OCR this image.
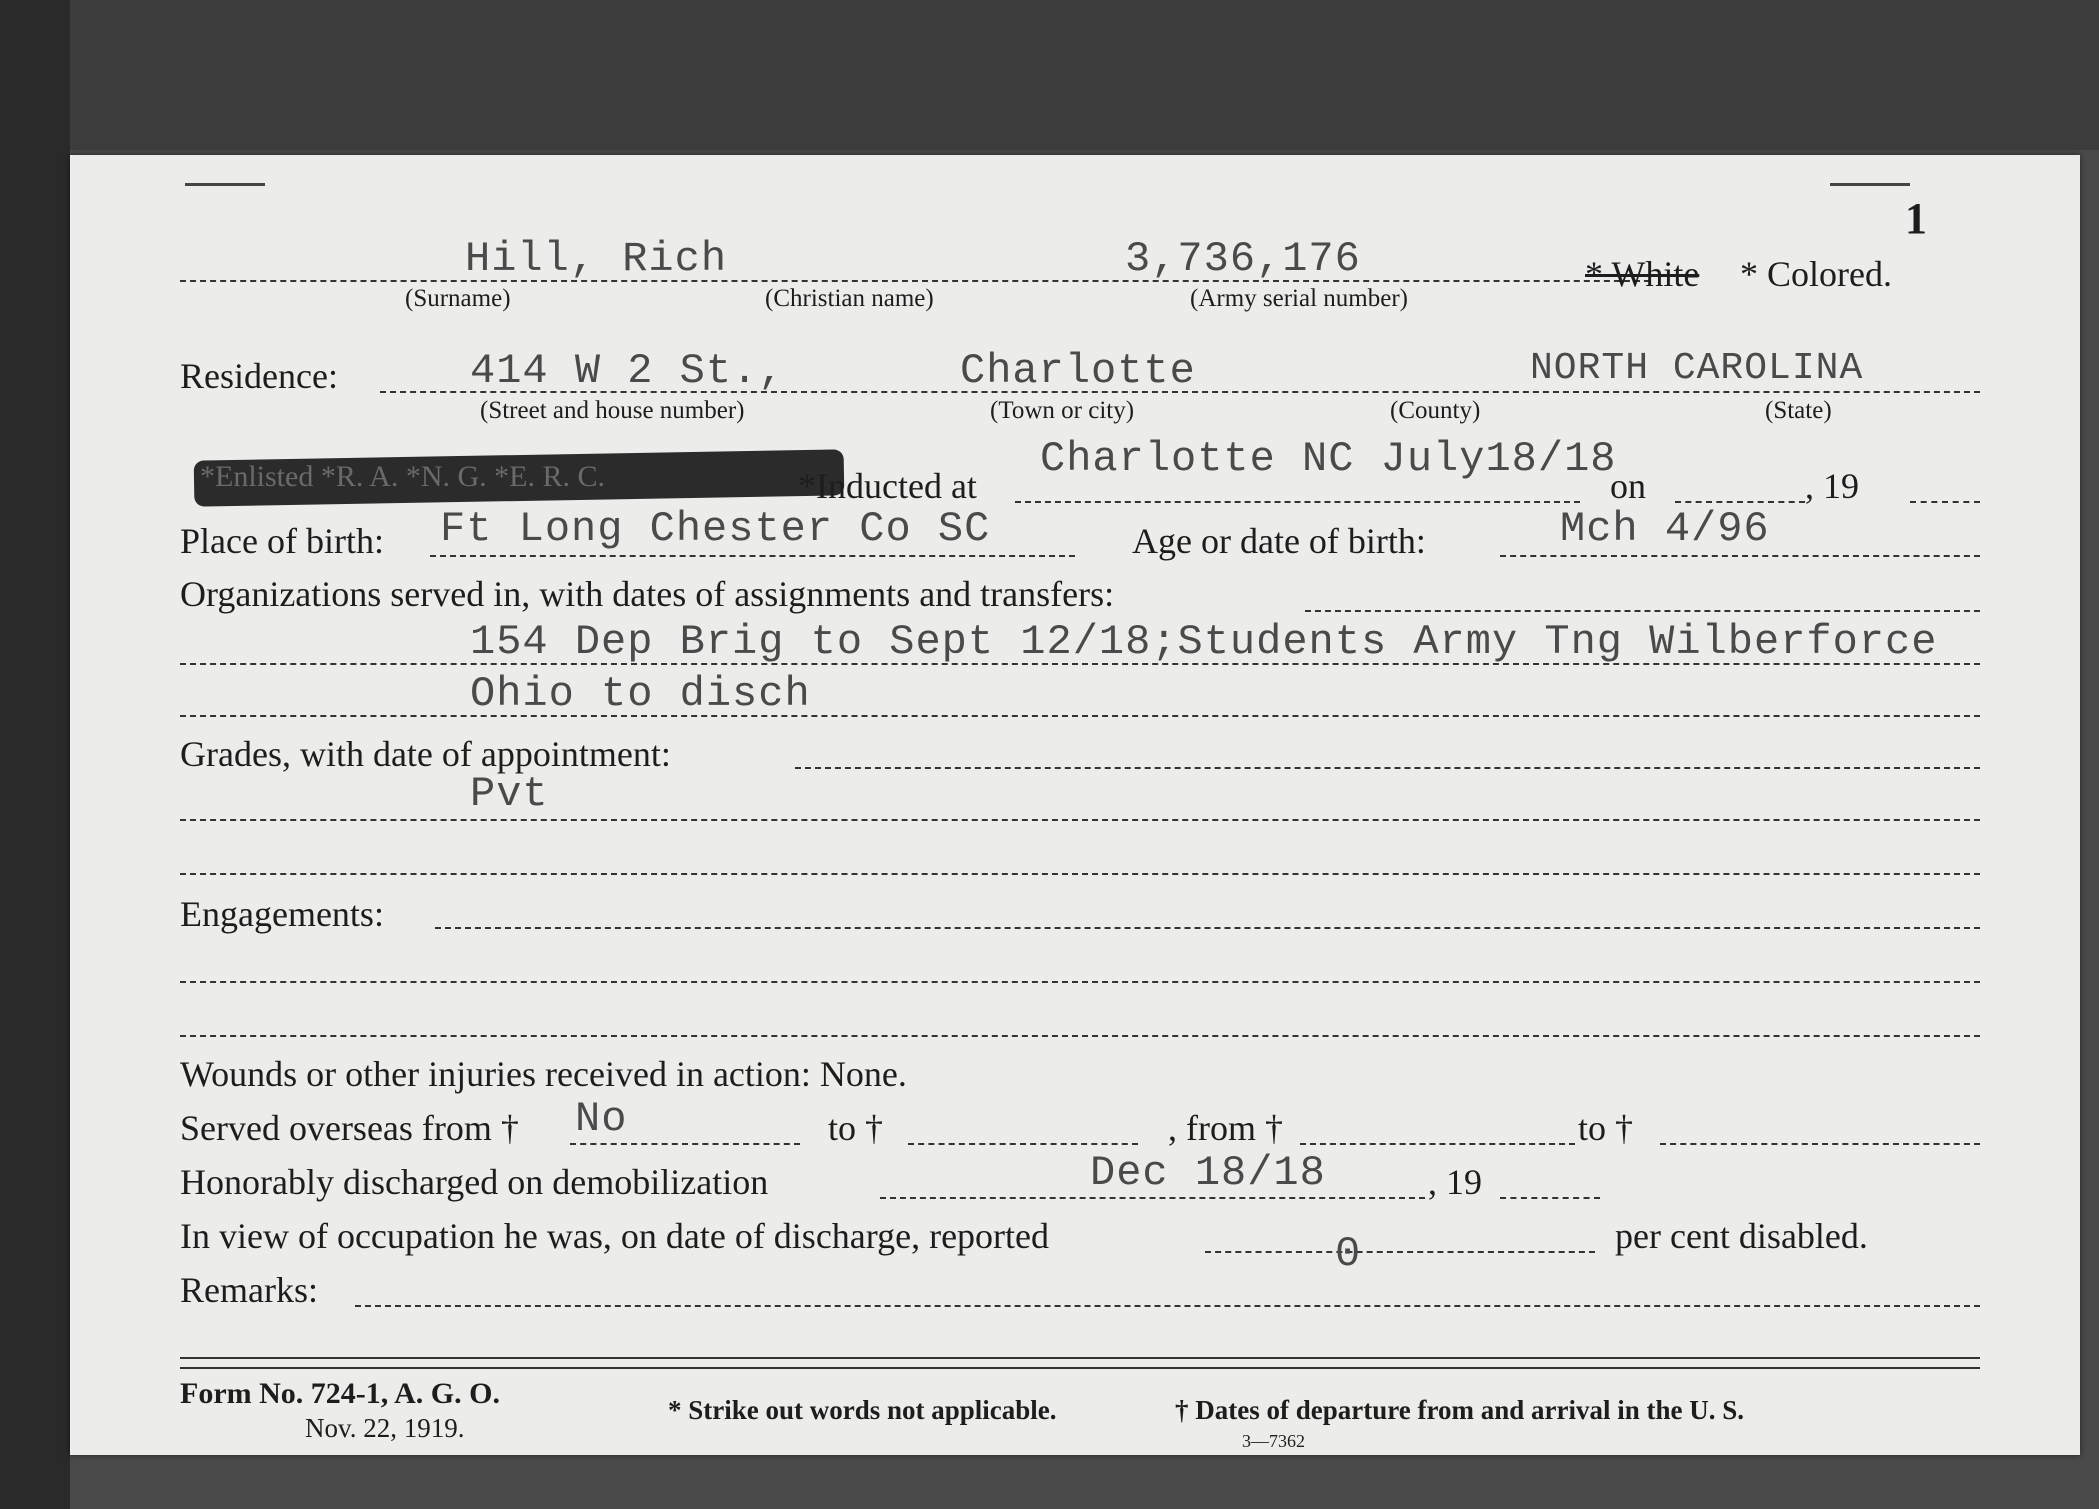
1
Hill, Rich	3,736,176	* White * Colored.
(Surname)	(Christian name)	(Army serial number)
Residence:	414 W 2 St.,	Charlotte	NORTH CAROLINA
(Street and house number)	(Town or city)	(County)	(State)
*Enlisted *R. A. *N. G. *E. R. C.	*Inducted at
Charlotte NC July18/18
on	, 19
Place of birth: Ft Long Chester Co SC	Age or date of birth:	Mch 4/96
Organizations served in, with dates of assignments and transfers:
154 Dep Brig to Sept 12/18;Students Army Tng Wilberforce
Ohio to disch
Grades, with date of appointment:
Pvt
Engagements:
Wounds or other injuries received in action: None.
Served overseas from † No	to †	, from †	to †
Honorably discharged on demobilization	Dec 18/18	, 19
In view of occupation he was, on date of discharge, reported	0	per cent disabled.
Remarks:
Form No. 724-1, A. G. O.
Nov. 22, 1919.
* Strike out words not applicable.	† Dates of departure from and arrival in the U. S.
3—7362
